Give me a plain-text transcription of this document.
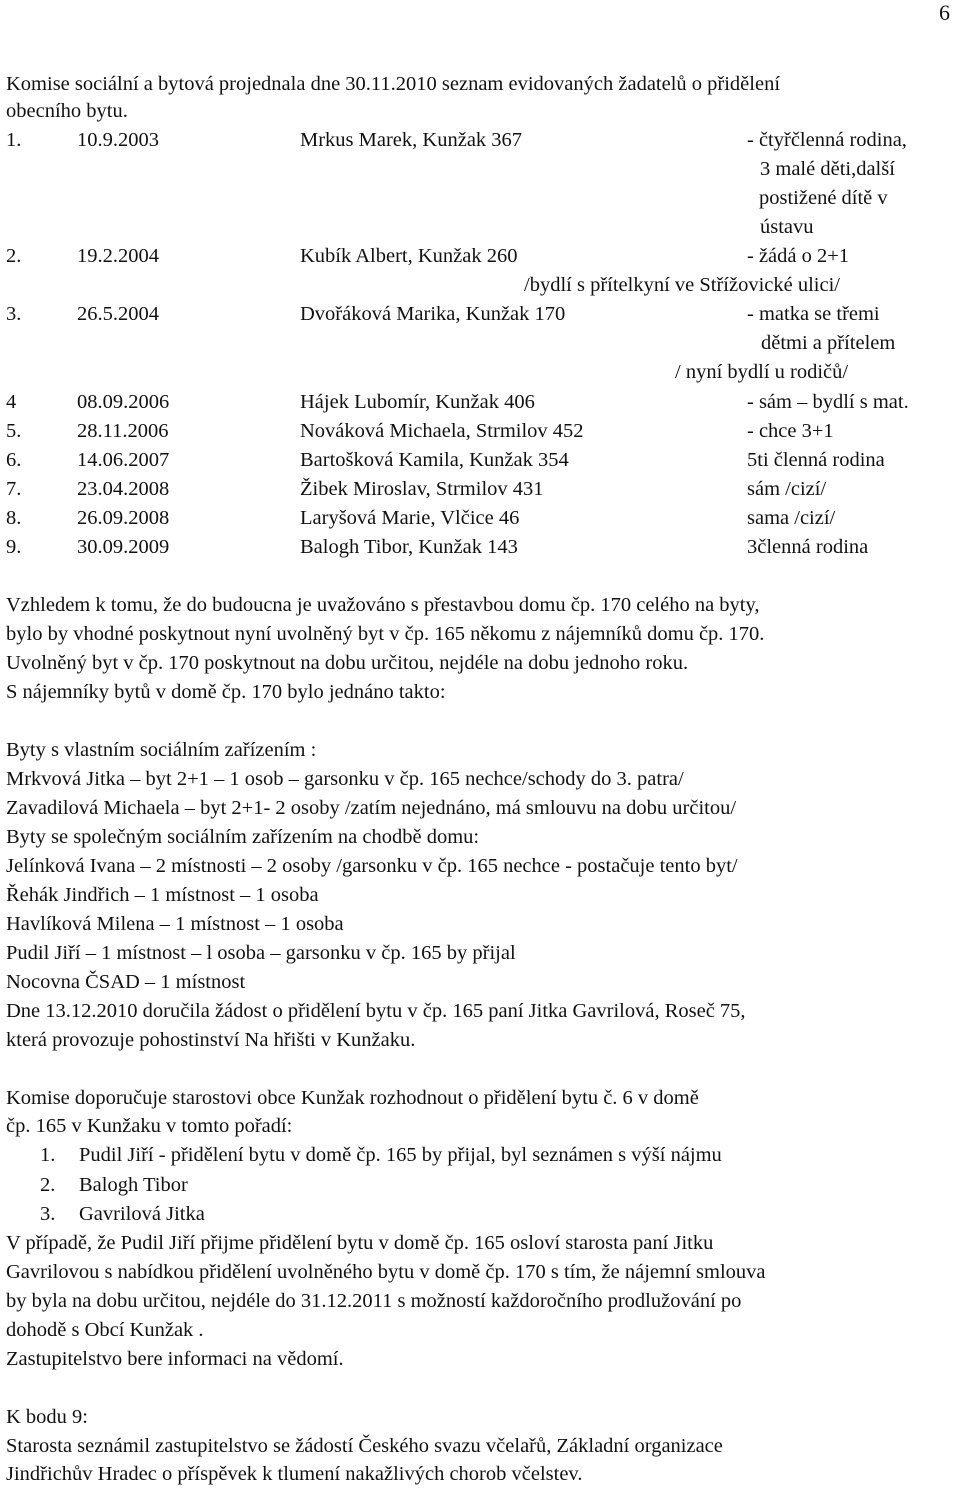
6
Komise sociální a bytová projednala dne 30.11.2010 seznam evidovaných žadatelů o přidělení
obecního bytu.
1.	10.9.2003	Mrkus Marek, Kunžak 367	- čtyřčlenná rodina,
3 malé děti,další
postižené dítě v
ústavu
2.	19.2.2004	Kubík Albert, Kunžak 260	- žádá o 2+1
/bydlí s přítelkyní ve Střížovické ulici/
3.	26.5.2004	Dvořáková Marika, Kunžak 170	- matka se třemi
dětmi a přítelem
/ nyní bydlí u rodičů/
4	08.09.2006	Hájek Lubomír, Kunžak 406	- sám – bydlí s mat.
5.	28.11.2006	Nováková Michaela, Strmilov 452	- chce 3+1
6.	14.06.2007	Bartošková Kamila, Kunžak 354	5ti členná rodina
7.	23.04.2008	Žibek Miroslav, Strmilov 431	sám /cizí/
8.	26.09.2008	Laryšová Marie, Vlčice 46	sama /cizí/
9.	30.09.2009	Balogh Tibor, Kunžak 143	3členná rodina
Vzhledem k tomu, že do budoucna je uvažováno s přestavbou domu čp. 170 celého na byty,
bylo by vhodné poskytnout nyní uvolněný byt v čp. 165 někomu z nájemníků domu čp. 170.
Uvolněný byt v čp. 170 poskytnout na dobu určitou, nejdéle na dobu jednoho roku.
S nájemníky bytů v domě čp. 170 bylo jednáno takto:
Byty s vlastním sociálním zařízením :
Mrkvová Jitka – byt 2+1 – 1 osob – garsonku v čp. 165 nechce/schody do 3. patra/
Zavadilová Michaela – byt 2+1- 2 osoby /zatím nejednáno, má smlouvu na dobu určitou/
Byty se společným sociálním zařízením na chodbě domu:
Jelínková Ivana – 2 místnosti – 2 osoby /garsonku v čp. 165 nechce - postačuje tento byt/
Řehák Jindřich – 1 místnost – 1 osoba
Havlíková Milena – 1 místnost – 1 osoba
Pudil Jiří – 1 místnost – l osoba – garsonku v čp. 165 by přijal
Nocovna ČSAD – 1 místnost
Dne 13.12.2010 doručila žádost o přidělení bytu v čp. 165 paní Jitka Gavrilová, Roseč 75,
která provozuje pohostinství Na hřišti v Kunžaku.
Komise doporučuje starostovi obce Kunžak rozhodnout o přidělení bytu č. 6 v domě
čp. 165 v Kunžaku v tomto pořadí:
1. Pudil Jiří - přidělení bytu v domě čp. 165 by přijal, byl seznámen s výší nájmu
2. Balogh Tibor
3. Gavrilová Jitka
V případě, že Pudil Jiří přijme přidělení bytu v domě čp. 165 osloví starosta paní Jitku
Gavrilovou s nabídkou přidělení uvolněného bytu v domě čp. 170 s tím, že nájemní smlouva
by byla na dobu určitou, nejdéle do 31.12.2011 s možností každoročního prodlužování po
dohodě s Obcí Kunžak .
Zastupitelstvo bere informaci na vědomí.
K bodu 9:
Starosta seznámil zastupitelstvo se žádostí Českého svazu včelařů, Základní organizace
Jindřichův Hradec o příspěvek k tlumení nakažlivých chorob včelstev.
